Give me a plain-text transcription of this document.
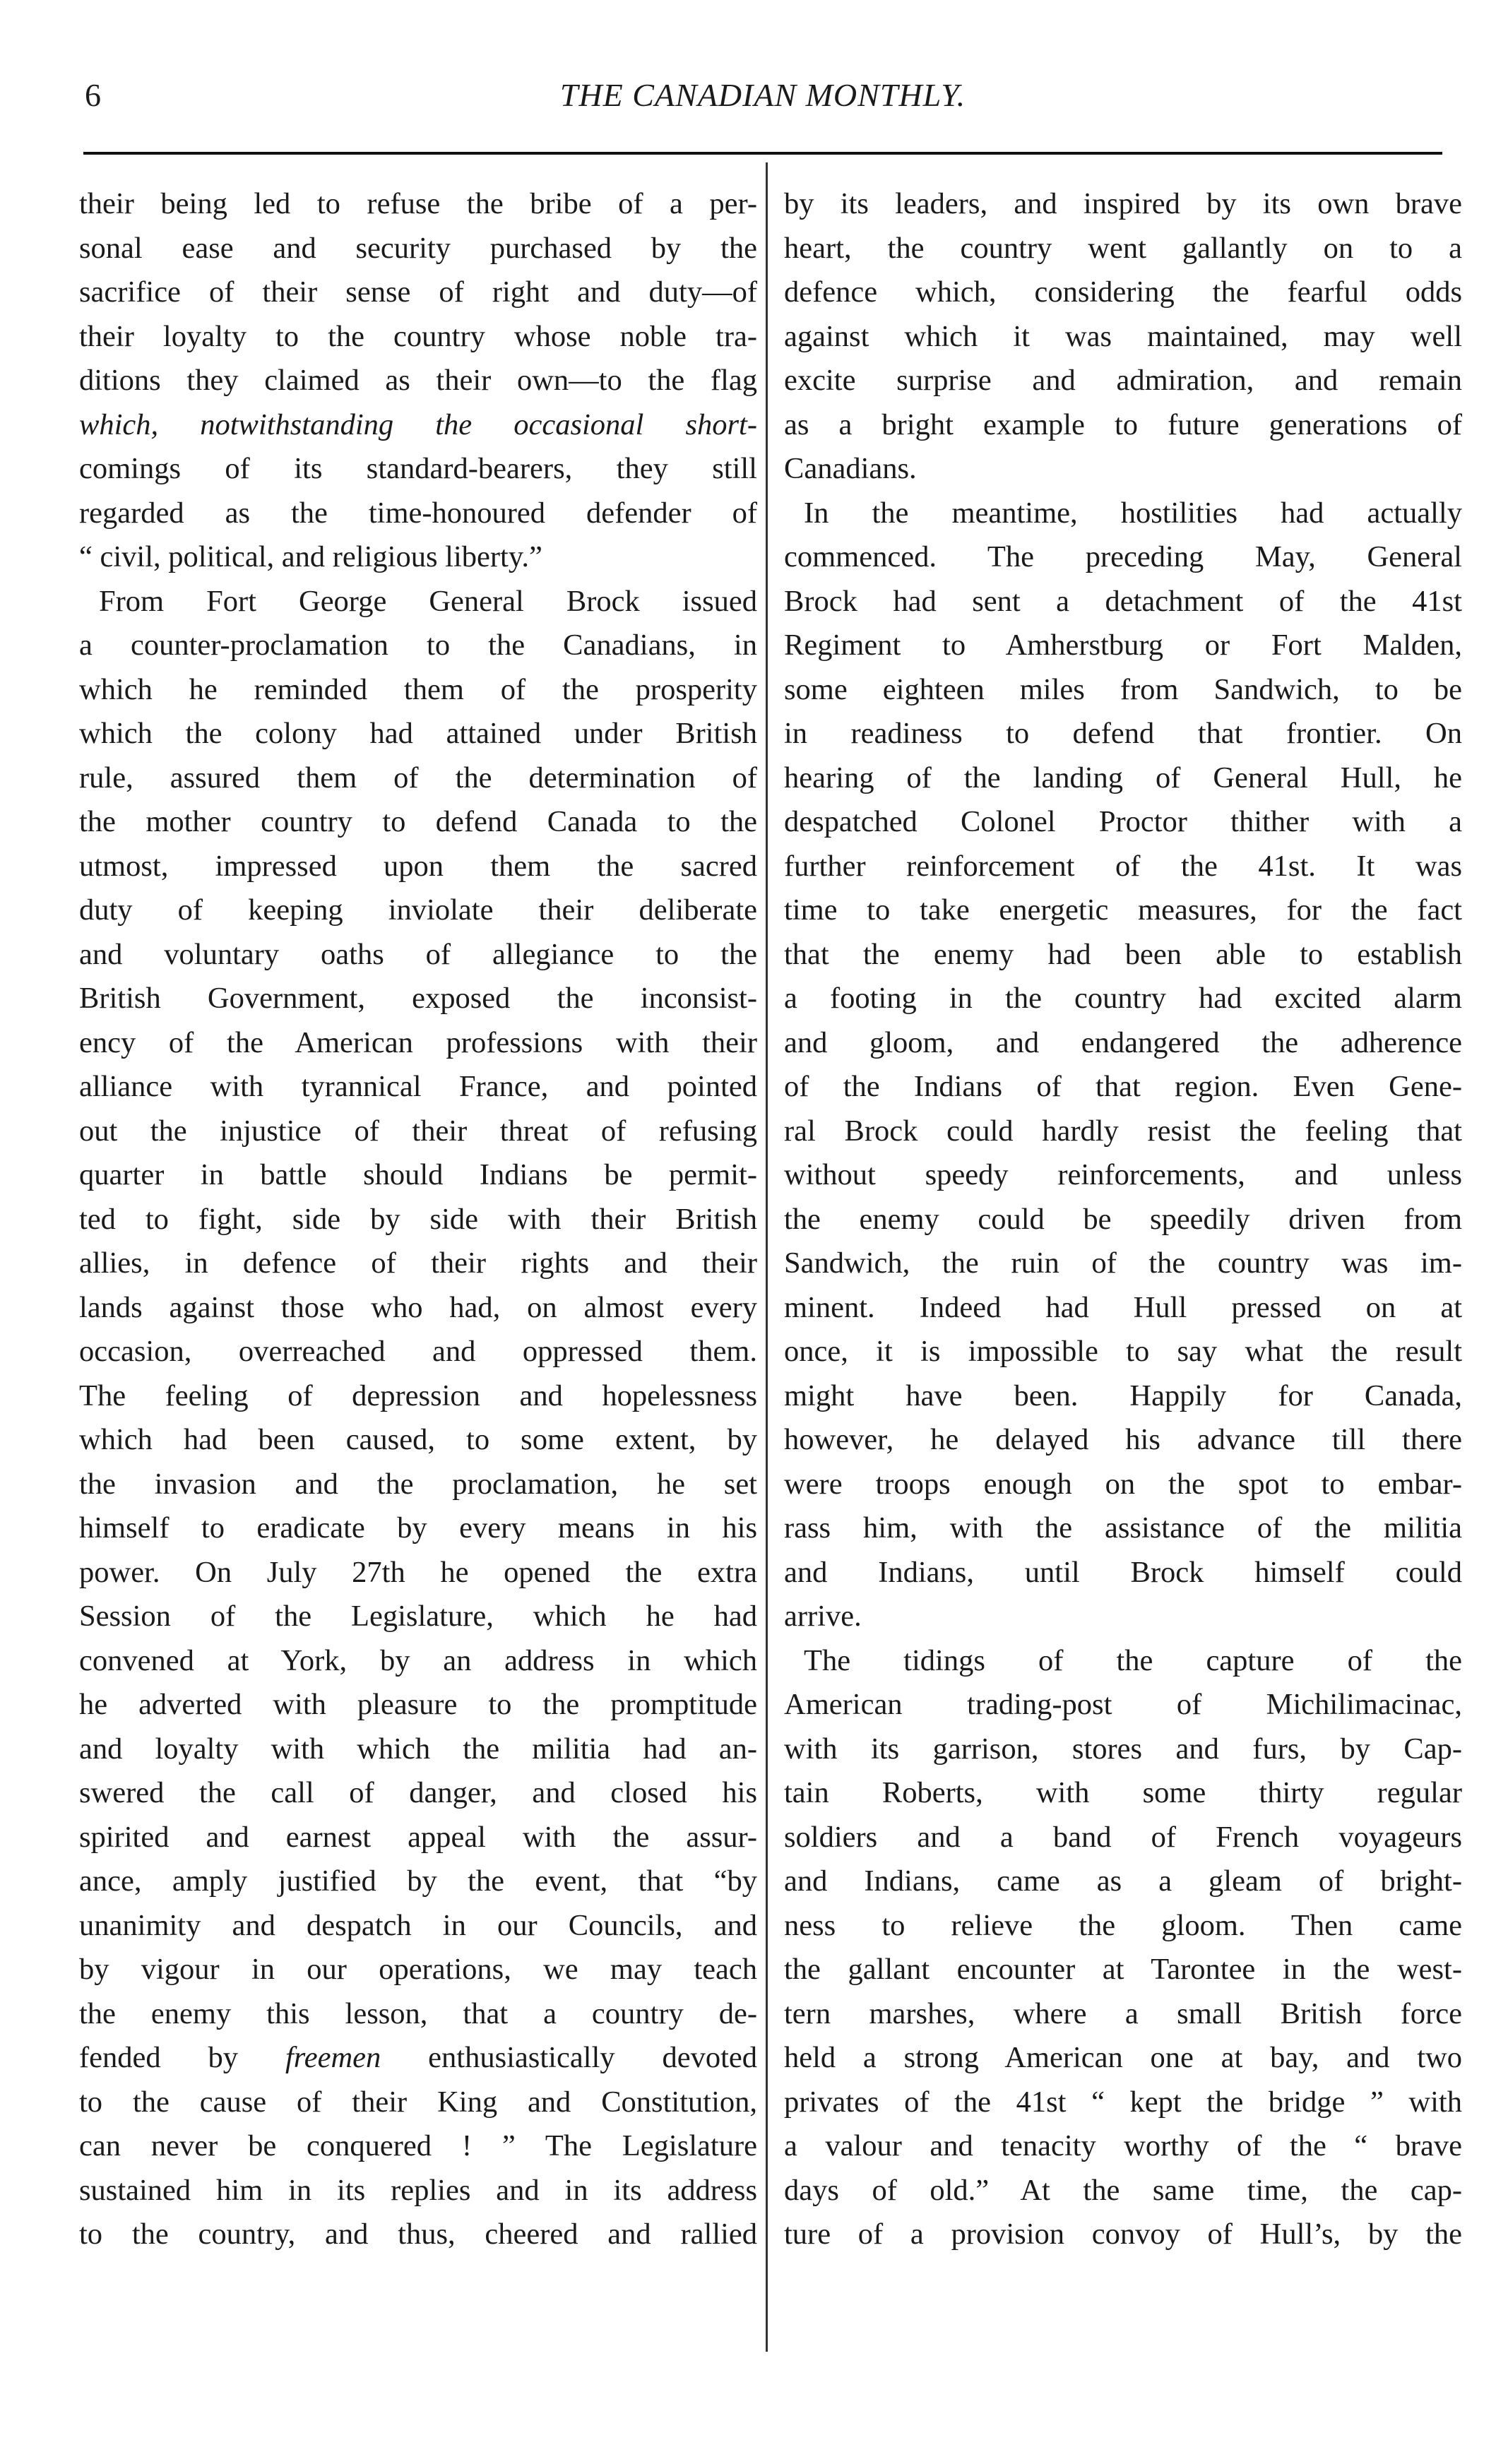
6	THE CANADIAN MONTHLY.
their being led to refuse the bribe of a per-
sonal ease and security purchased by the
sacrifice of their sense of right and duty—of
their loyalty to the country whose noble tra-
ditions they claimed as their own—to the flag
which, notwithstanding the occasional short-
comings of its standard-bearers, they still
regarded as the time-honoured defender of
“ civil, political, and religious liberty.”
From Fort George General Brock issued
a counter-proclamation to the Canadians, in
which he reminded them of the prosperity
which the colony had attained under British
rule, assured them of the determination of
the mother country to defend Canada to the
utmost, impressed upon them the sacred
duty of keeping inviolate their deliberate
and voluntary oaths of allegiance to the
British Government, exposed the inconsist-
ency of the American professions with their
alliance with tyrannical France, and pointed
out the injustice of their threat of refusing
quarter in battle should Indians be permit-
ted to fight, side by side with their British
allies, in defence of their rights and their
lands against those who had, on almost every
occasion, overreached and oppressed them.
The feeling of depression and hopelessness
which had been caused, to some extent, by
the invasion and the proclamation, he set
himself to eradicate by every means in his
power. On July 27th he opened the extra
Session of the Legislature, which he had
convened at York, by an address in which
he adverted with pleasure to the promptitude
and loyalty with which the militia had an-
swered the call of danger, and closed his
spirited and earnest appeal with the assur-
ance, amply justified by the event, that “by
unanimity and despatch in our Councils, and
by vigour in our operations, we may teach
the enemy this lesson, that a country de-
fended by freemen enthusiastically devoted
to the cause of their King and Constitution,
can never be conquered ! ” The Legislature
sustained him in its replies and in its address
to the country, and thus, cheered and rallied
by its leaders, and inspired by its own brave
heart, the country went gallantly on to a
defence which, considering the fearful odds
against which it was maintained, may well
excite surprise and admiration, and remain
as a bright example to future generations of
Canadians.
In the meantime, hostilities had actually
commenced. The preceding May, General
Brock had sent a detachment of the 41st
Regiment to Amherstburg or Fort Malden,
some eighteen miles from Sandwich, to be
in readiness to defend that frontier. On
hearing of the landing of General Hull, he
despatched Colonel Proctor thither with a
further reinforcement of the 41st. It was
time to take energetic measures, for the fact
that the enemy had been able to establish
a footing in the country had excited alarm
and gloom, and endangered the adherence
of the Indians of that region. Even Gene-
ral Brock could hardly resist the feeling that
without speedy reinforcements, and unless
the enemy could be speedily driven from
Sandwich, the ruin of the country was im-
minent. Indeed had Hull pressed on at
once, it is impossible to say what the result
might have been. Happily for Canada,
however, he delayed his advance till there
were troops enough on the spot to embar-
rass him, with the assistance of the militia
and Indians, until Brock himself could
arrive.
The tidings of the capture of the
American trading-post of Michilimacinac,
with its garrison, stores and furs, by Cap-
tain Roberts, with some thirty regular
soldiers and a band of French voyageurs
and Indians, came as a gleam of bright-
ness to relieve the gloom. Then came
the gallant encounter at Tarontee in the west-
tern marshes, where a small British force
held a strong American one at bay, and two
privates of the 41st “ kept the bridge ” with
a valour and tenacity worthy of the “ brave
days of old.” At the same time, the cap-
ture of a provision convoy of Hull’s, by the
